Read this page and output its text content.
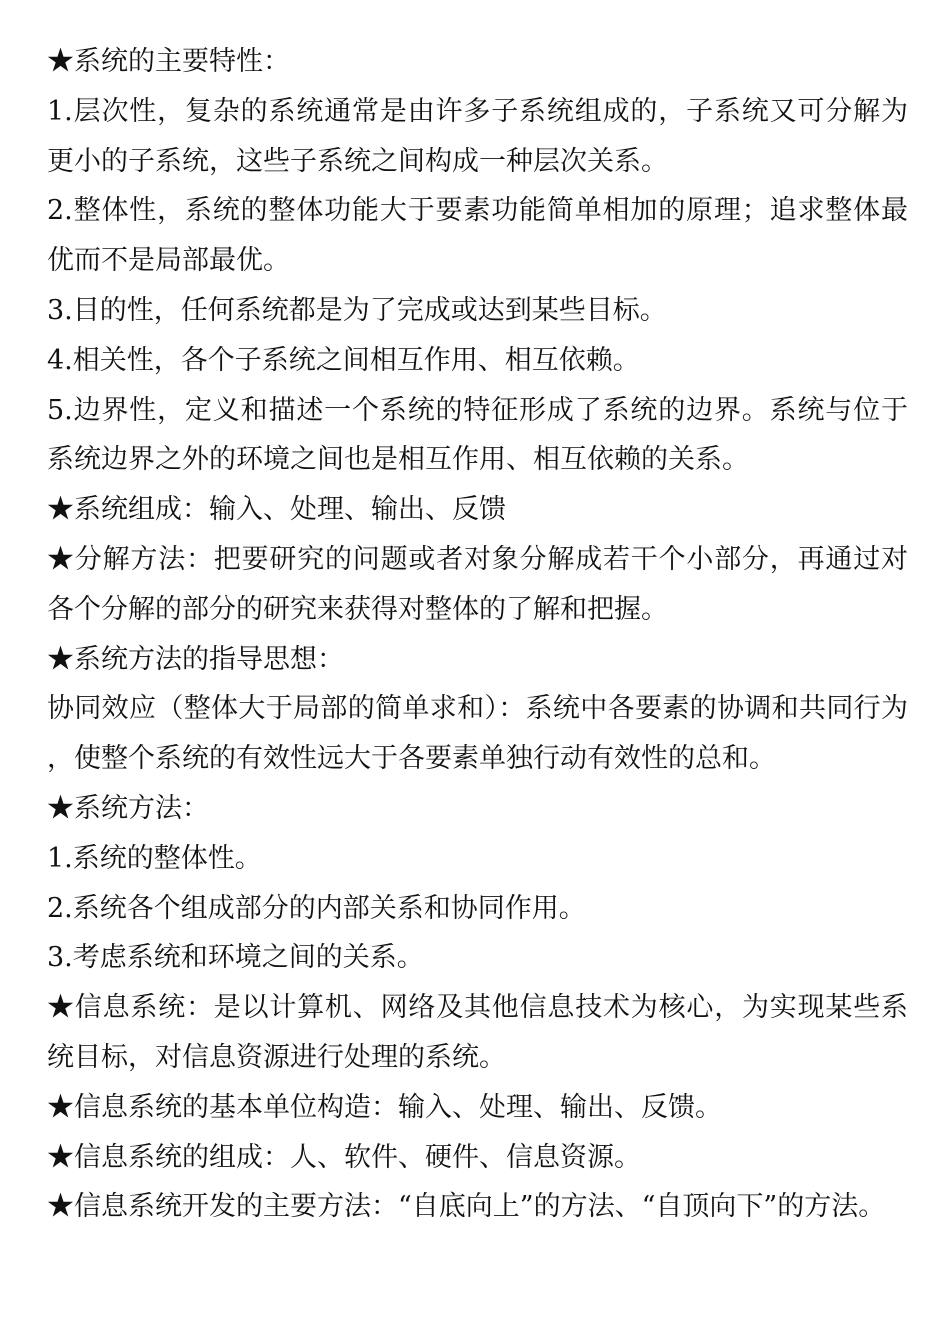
★系统的主要特性：

1.层次性，复杂的系统通常是由许多子系统组成的，子系统又可分解为更小的子系统，这些子系统之间构成一种层次关系。

2.整体性，系统的整体功能大于要素功能简单相加的原理；追求整体最优而不是局部最优。

3.目的性，任何系统都是为了完成或达到某些目标。

4.相关性，各个子系统之间相互作用、相互依赖。

5.边界性，定义和描述一个系统的特征形成了系统的边界。系统与位于系统边界之外的环境之间也是相互作用、相互依赖的关系。

★系统组成：输入、处理、输出、反馈

★分解方法：把要研究的问题或者对象分解成若干个小部分，再通过对各个分解的部分的研究来获得对整体的了解和把握。

★系统方法的指导思想：

协同效应（整体大于局部的简单求和）：系统中各要素的协调和共同行为，使整个系统的有效性远大于各要素单独行动有效性的总和。

★系统方法：

1.系统的整体性。

2.系统各个组成部分的内部关系和协同作用。

3.考虑系统和环境之间的关系。

★信息系统：是以计算机、网络及其他信息技术为核心，为实现某些系统目标，对信息资源进行处理的系统。

★信息系统的基本单位构造：输入、处理、输出、反馈。

★信息系统的组成：人、软件、硬件、信息资源。

★信息系统开发的主要方法：“自底向上”的方法、“自顶向下”的方法。
